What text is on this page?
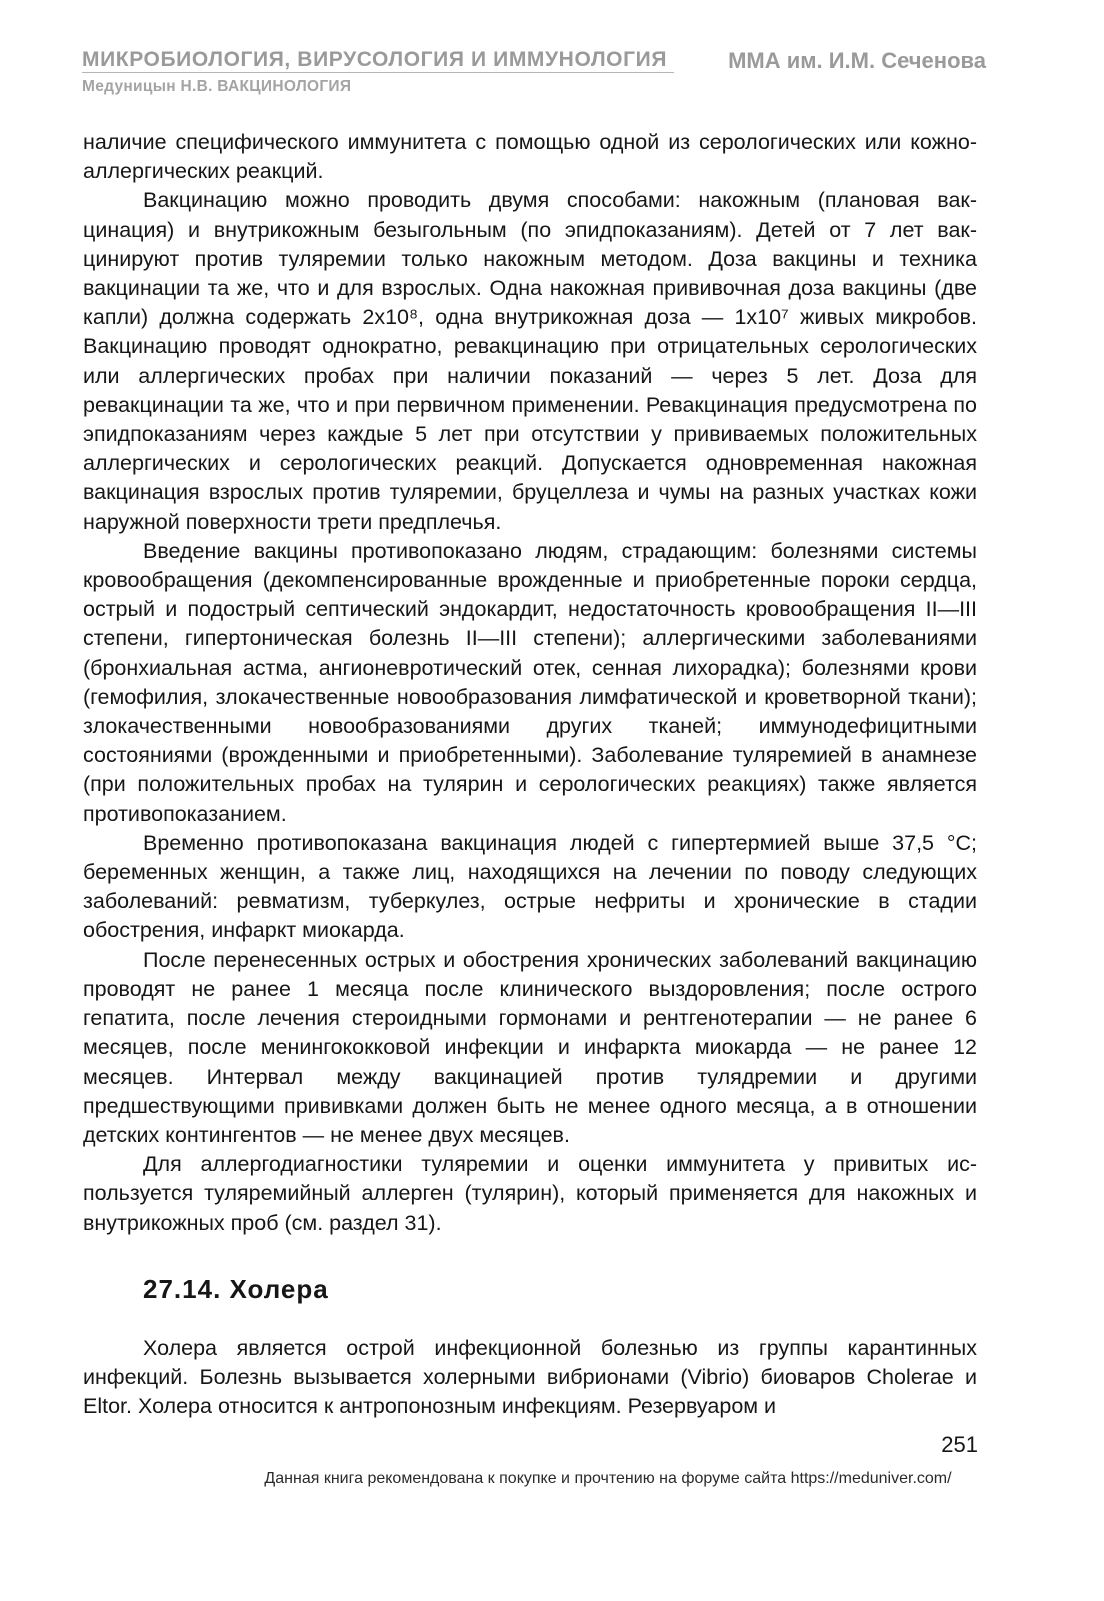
МИКРОБИОЛОГИЯ, ВИРУСОЛОГИЯ И ИММУНОЛОГИЯ	ММА им. И.М. Сеченова
Медуницын Н.В. ВАКЦИНОЛОГИЯ

наличие специфического иммунитета с помощью одной из серологических или кожно-аллергических реакций.

Вакцинацию можно проводить двумя способами: накожным (плановая вакцинация) и внутрикожным безыгольным (по эпидпоказаниям). Детей от 7 лет вакцинируют против туляремии только накожным методом. Доза вакцины и техника вакцинации та же, что и для взрослых. Одна накожная прививочная доза вакцины (две капли) должна содержать 2х10⁸, одна внутрикожная доза — 1х10⁷ живых микробов. Вакцинацию проводят однократно, ревакцинацию при отрицательных серологических или аллергических пробах при наличии показаний — через 5 лет. Доза для ревакцинации та же, что и при первичном применении. Ревакцинация предусмотрена по эпидпоказаниям через каждые 5 лет при отсутствии у прививаемых положительных аллергических и серологических реакций. Допускается одновременная накожная вакцинация взрослых против туляремии, бруцеллеза и чумы на разных участках кожи наружной поверхности трети предплечья.

Введение вакцины противопоказано людям, страдающим: болезнями системы кровообращения (декомпенсированные врожденные и приобретенные пороки сердца, острый и подострый септический эндокардит, недостаточность кровообращения II—III степени, гипертоническая болезнь II—III степени); аллергическими заболеваниями (бронхиальная астма, ангионевротический отек, сенная лихорадка); болезнями крови (гемофилия, злокачественные новообразования лимфатической и кроветворной ткани); злокачественными новообразованиями других тканей; иммунодефицитными состояниями (врожденными и приобретенными). Заболевание туляремией в анамнезе (при положительных пробах на тулярин и серологических реакциях) также является противопоказанием.

Временно противопоказана вакцинация людей с гипертермией выше 37,5 °С; беременных женщин, а также лиц, находящихся на лечении по поводу следующих заболеваний: ревматизм, туберкулез, острые нефриты и хронические в стадии обострения, инфаркт миокарда.

После перенесенных острых и обострения хронических заболеваний вакцинацию проводят не ранее 1 месяца после клинического выздоровления; после острого гепатита, после лечения стероидными гормонами и рентгенотерапии — не ранее 6 месяцев, после менингококковой инфекции и инфаркта миокарда — не ранее 12 месяцев. Интервал между вакцинацией против тулядремии и другими предшествующими прививками должен быть не менее одного месяца, а в отношении детских контингентов — не менее двух месяцев.

Для аллергодиагностики туляремии и оценки иммунитета у привитых используется туляремийный аллерген (тулярин), который применяется для накожных и внутрикожных проб (см. раздел 31).

27.14. Холера

Холера является острой инфекционной болезнью из группы карантинных инфекций. Болезнь вызывается холерными вибрионами (Vibrio) биоваров Cholerae и Eltor. Холера относится к антропонозным инфекциям. Резервуаром и

251
Данная книга рекомендована к покупке и прочтению на форуме сайта https://meduniver.com/
